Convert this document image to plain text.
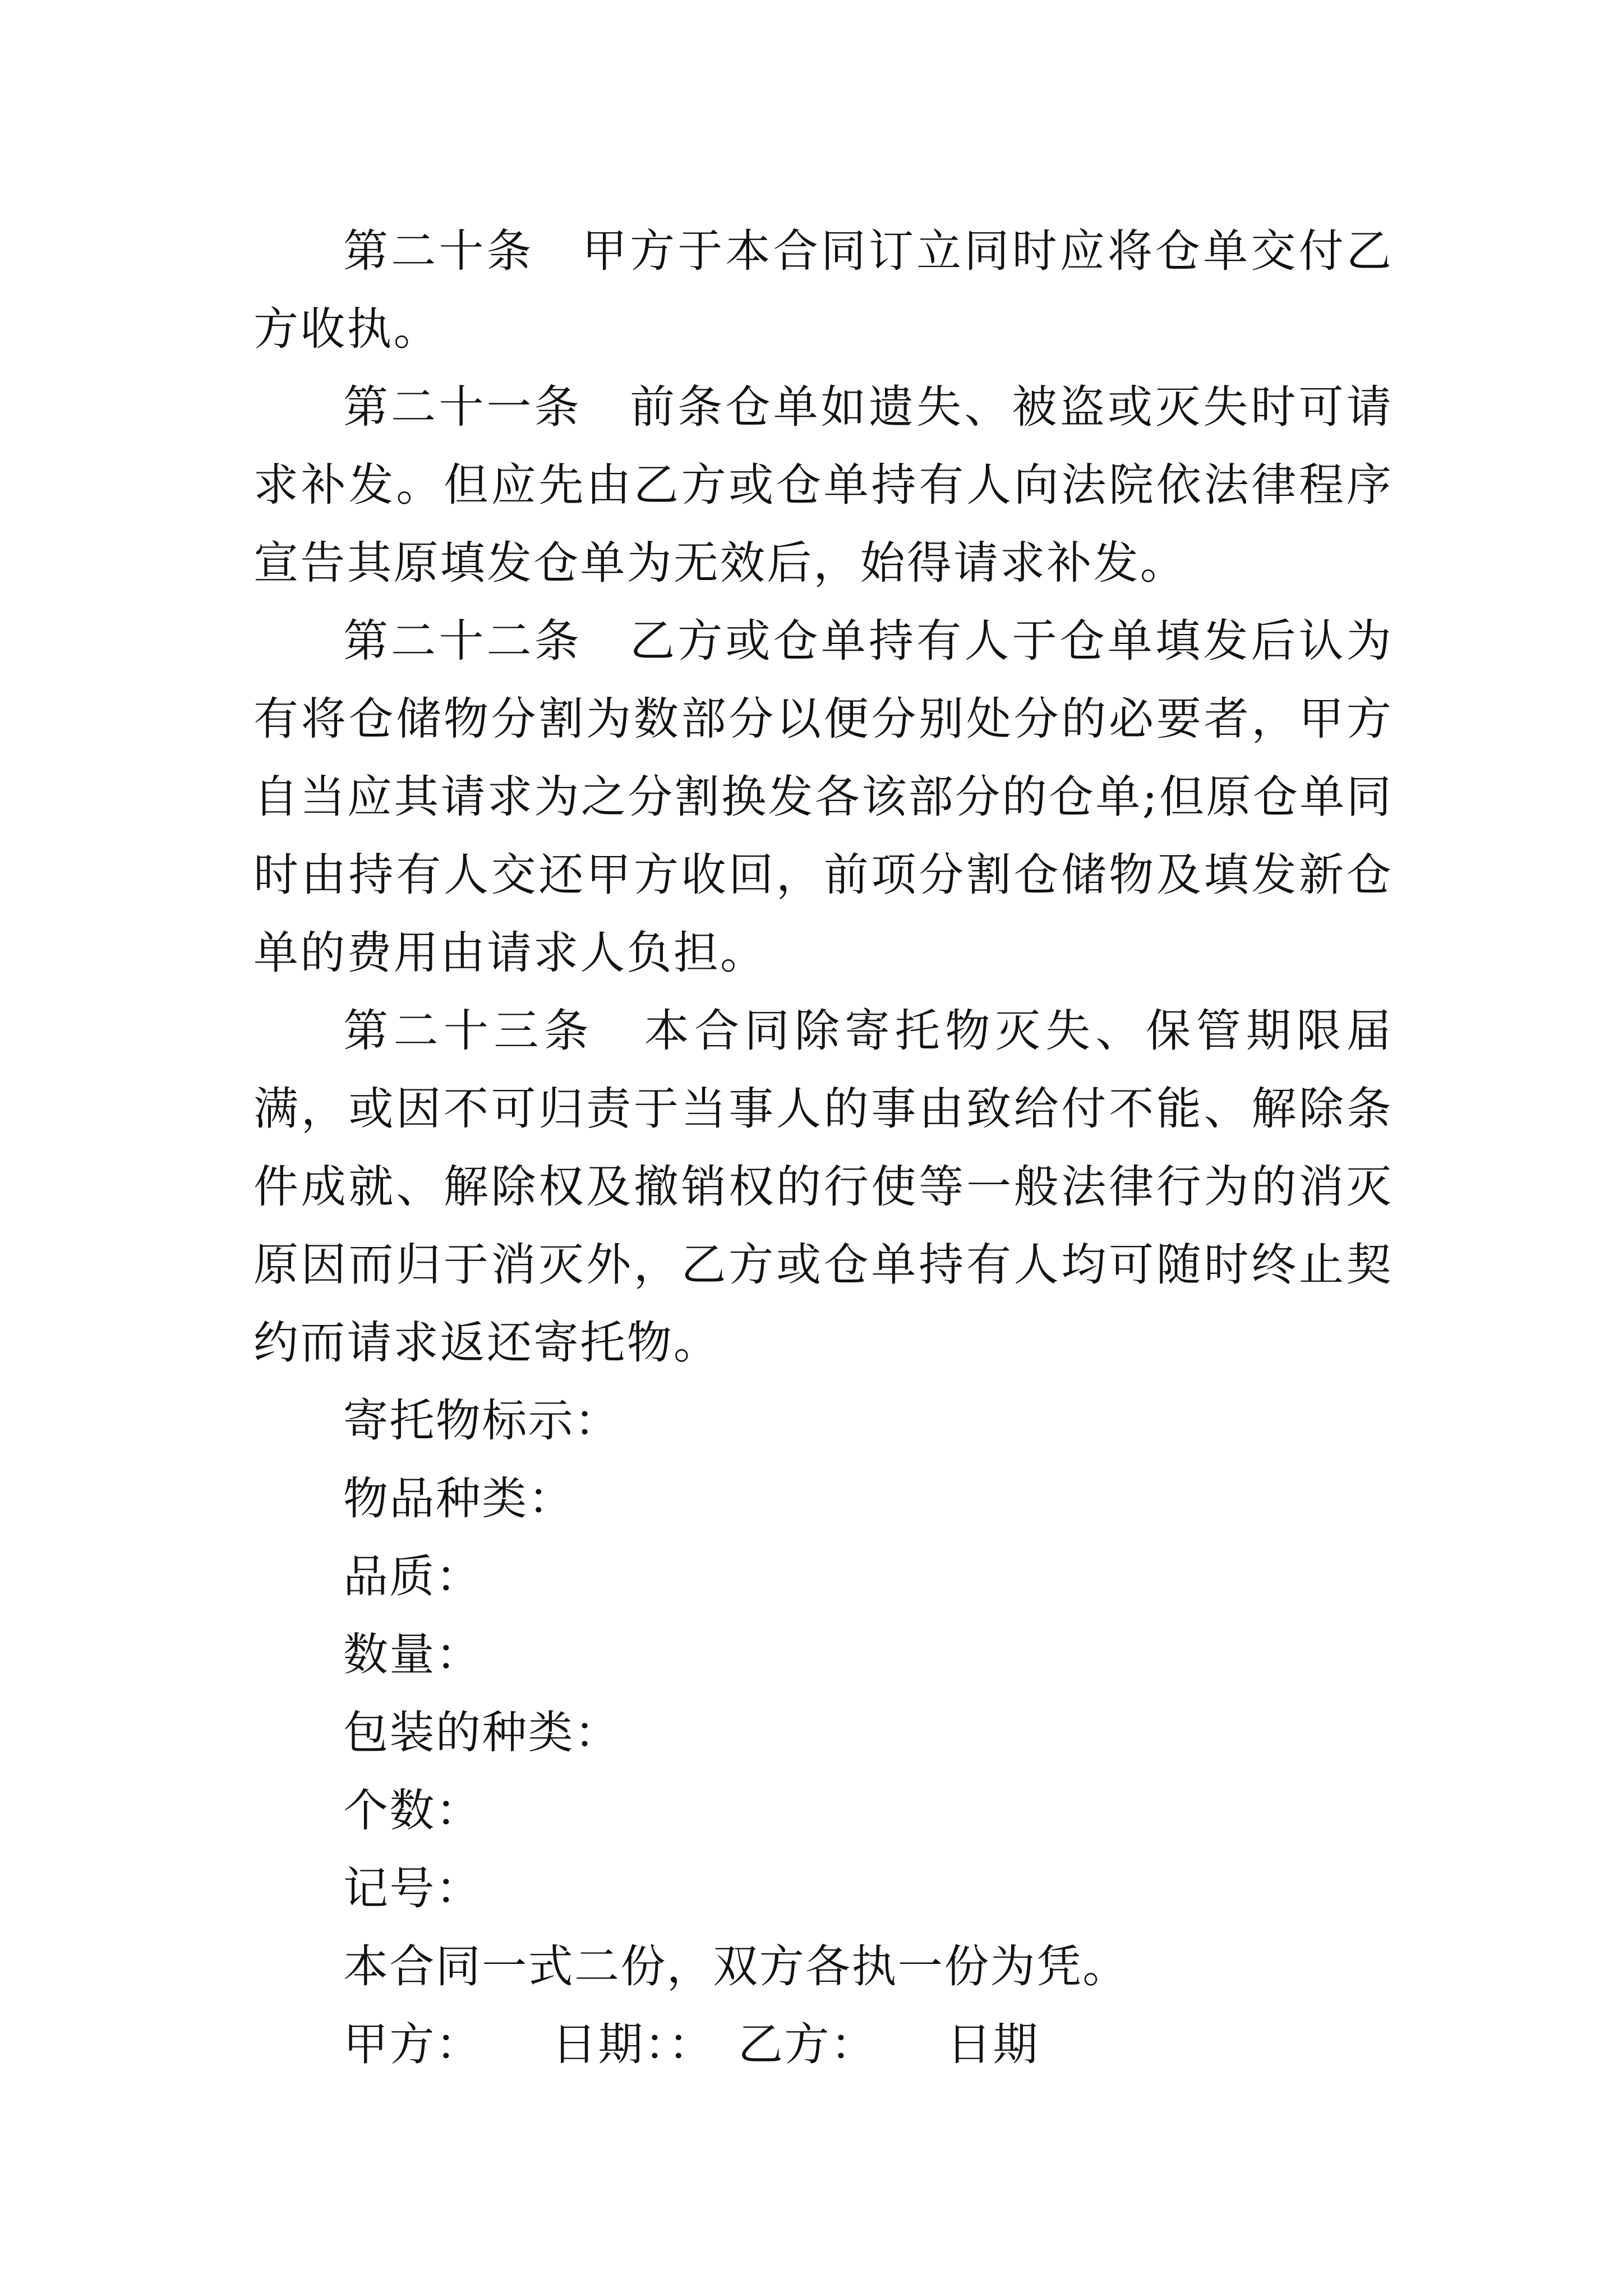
第二十条　甲方于本合同订立同时应将仓单交付乙方收执。

第二十一条　前条仓单如遗失、被盗或灭失时可请求补发。但应先由乙方或仓单持有人向法院依法律程序宣告其原填发仓单为无效后，始得请求补发。

第二十二条　乙方或仓单持有人于仓单填发后认为有将仓储物分割为数部分以便分别处分的必要者，甲方自当应其请求为之分割换发各该部分的仓单;但原仓单同时由持有人交还甲方收回，前项分割仓储物及填发新仓单的费用由请求人负担。

第二十三条　本合同除寄托物灭失、保管期限届满，或因不可归责于当事人的事由致给付不能、解除条件成就、解除权及撤销权的行使等一般法律行为的消灭原因而归于消灭外，乙方或仓单持有人均可随时终止契约而请求返还寄托物。

寄托物标示：
物品种类：
品质：
数量：
包装的种类：
个数：
记号：

本合同一式二份，双方各执一份为凭。

甲方：　　 日期：：　 乙方：　　 日期
